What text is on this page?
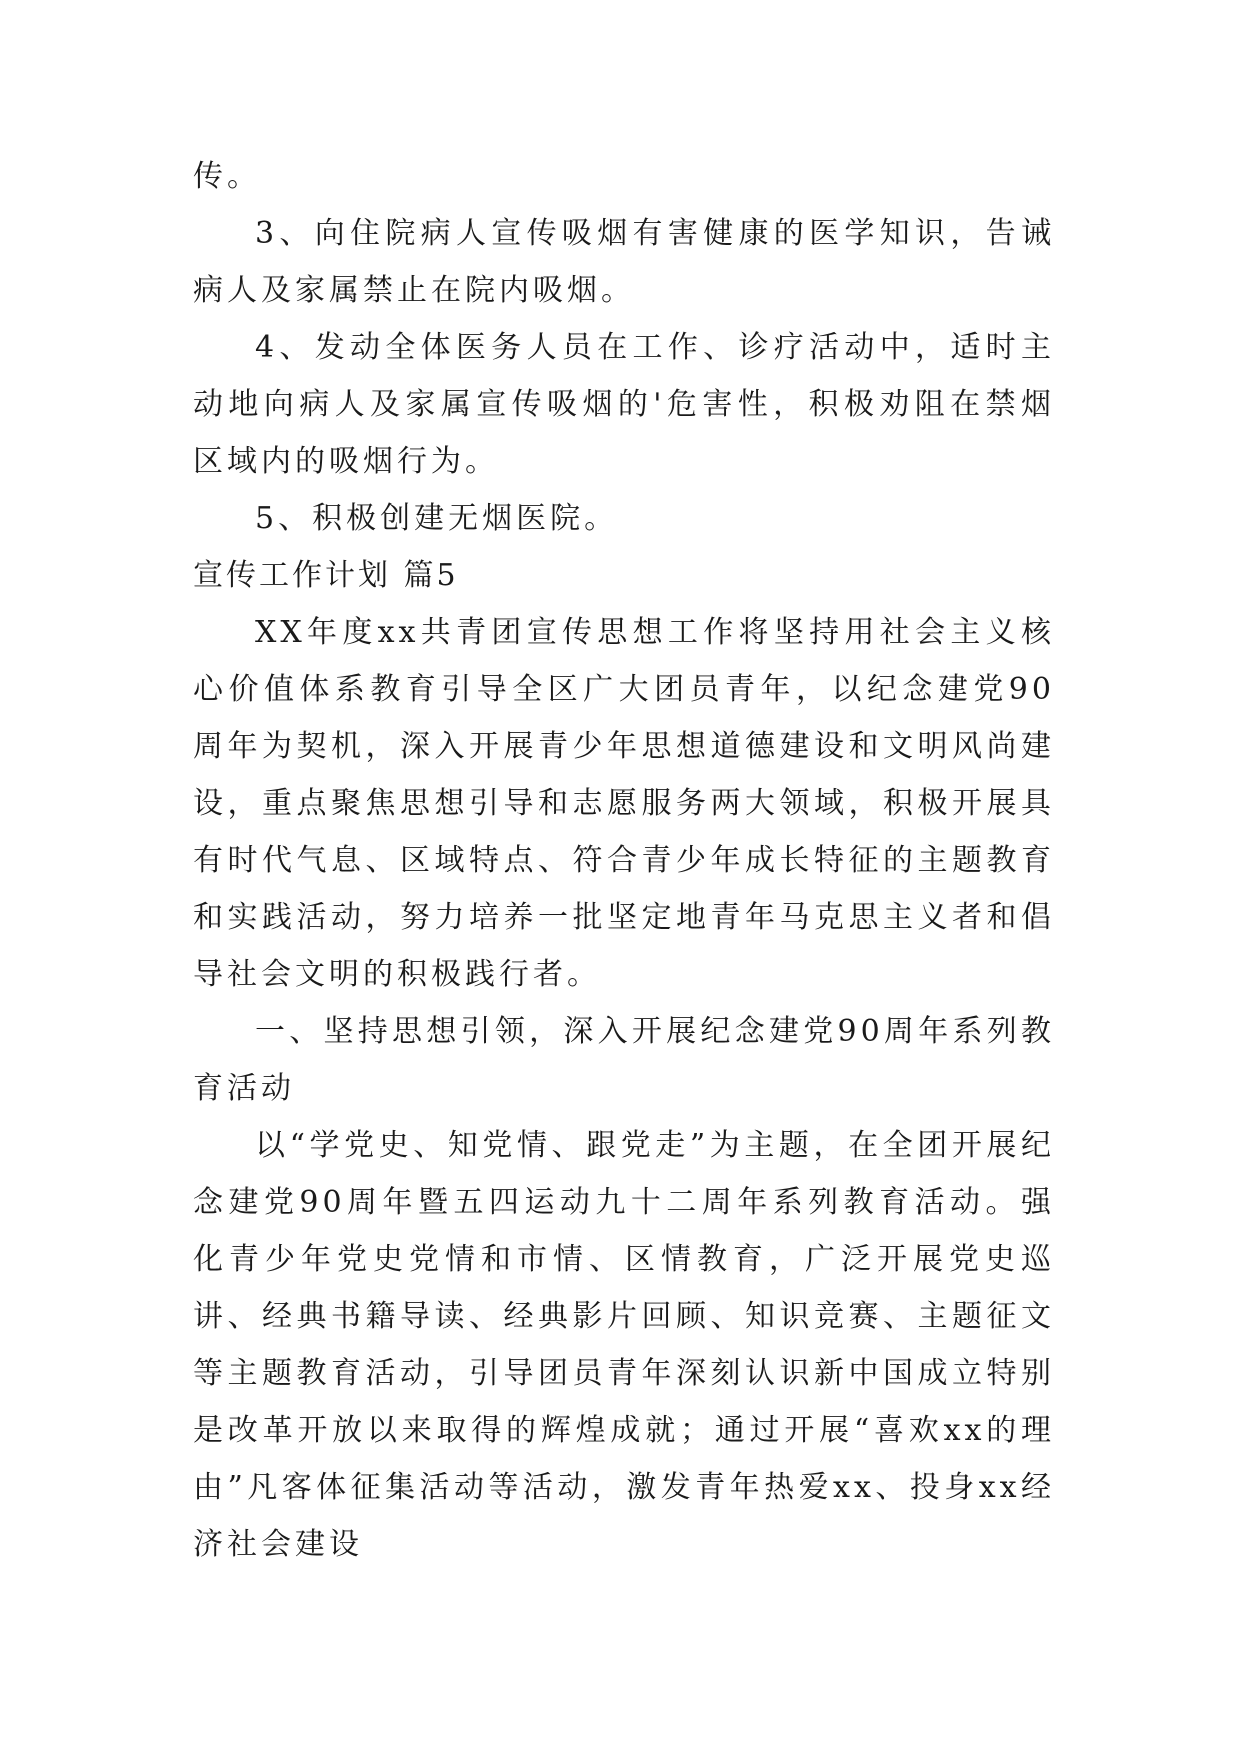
传。

3、向住院病人宣传吸烟有害健康的医学知识，告诫病人及家属禁止在院内吸烟。

4、发动全体医务人员在工作、诊疗活动中，适时主动地向病人及家属宣传吸烟的'危害性，积极劝阻在禁烟区域内的吸烟行为。

5、积极创建无烟医院。

宣传工作计划 篇5

XX年度xx共青团宣传思想工作将坚持用社会主义核心价值体系教育引导全区广大团员青年，以纪念建党90周年为契机，深入开展青少年思想道德建设和文明风尚建设，重点聚焦思想引导和志愿服务两大领域，积极开展具有时代气息、区域特点、符合青少年成长特征的主题教育和实践活动，努力培养一批坚定地青年马克思主义者和倡导社会文明的积极践行者。

一、坚持思想引领，深入开展纪念建党90周年系列教育活动

以“学党史、知党情、跟党走”为主题，在全团开展纪念建党90周年暨五四运动九十二周年系列教育活动。强化青少年党史党情和市情、区情教育，广泛开展党史巡讲、经典书籍导读、经典影片回顾、知识竞赛、主题征文等主题教育活动，引导团员青年深刻认识新中国成立特别是改革开放以来取得的辉煌成就；通过开展“喜欢xx的理由”凡客体征集活动等活动，激发青年热爱xx、投身xx经济社会建设
